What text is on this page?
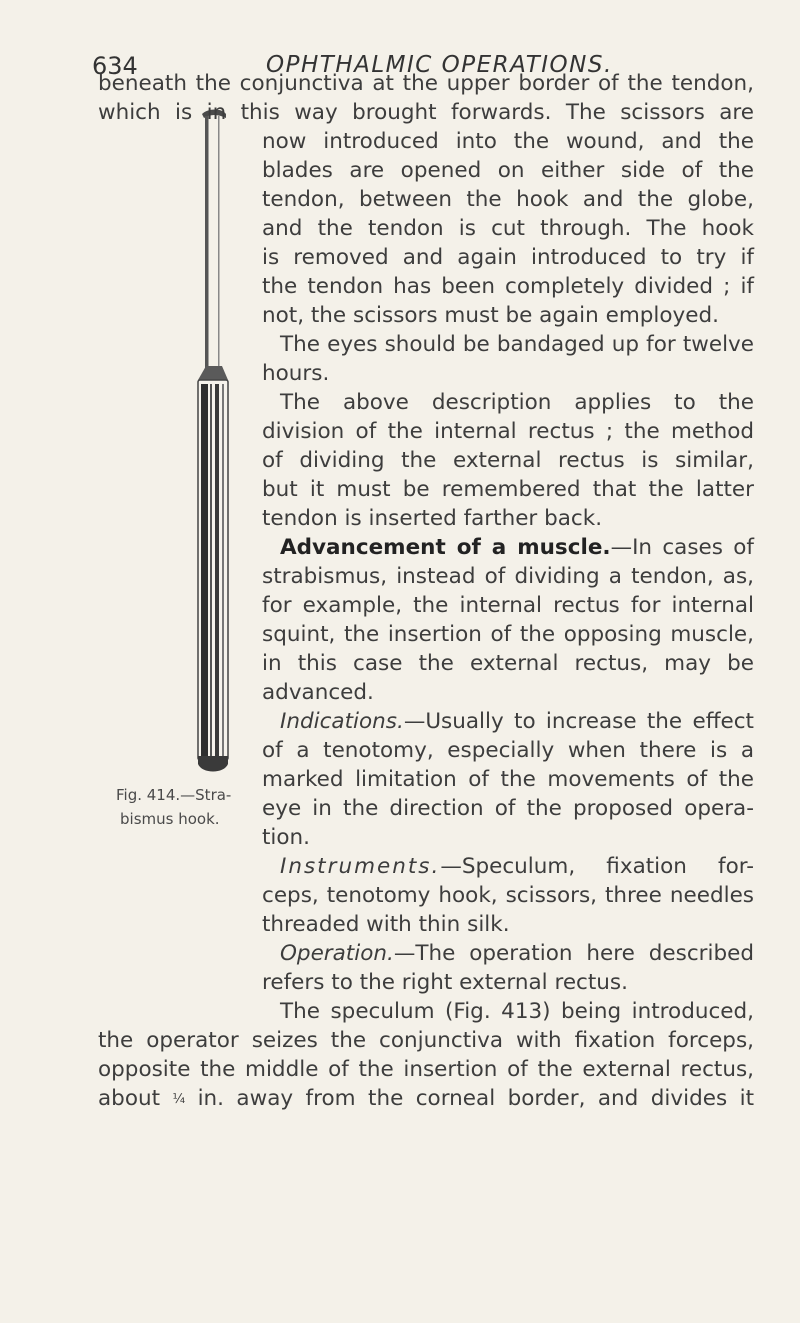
634	OPHTHALMIC OPERATIONS.
Fig. 414.—Stra-
bismus hook.
beneath the conjunctiva at the upper border of the tendon,
which is in this way brought forwards. The scissors are
now introduced into the wound, and the
blades are opened on either side of the
tendon, between the hook and the globe,
and the tendon is cut through. The hook
is removed and again introduced to try if
the tendon has been completely divided ; if
not, the scissors must be again employed.
The eyes should be bandaged up for twelve
hours.
The above description applies to the
division of the internal rectus ; the method
of dividing the external rectus is similar,
but it must be remembered that the latter
tendon is inserted farther back.
Advancement of a muscle.—In cases of
strabismus, instead of dividing a tendon, as,
for example, the internal rectus for internal
squint, the insertion of the opposing muscle,
in this case the external rectus, may be
advanced.
Indications.—Usually to increase the effect
of a tenotomy, especially when there is a
marked limitation of the movements of the
eye in the direction of the proposed opera-
tion.
Instruments.—Speculum, fixation for-
ceps, tenotomy hook, scissors, three needles
threaded with thin silk.
Operation.—The operation here described
refers to the right external rectus.
The speculum (Fig. 413) being introduced,
the operator seizes the conjunctiva with fixation forceps,
opposite the middle of the insertion of the external rectus,
about ¼ in. away from the corneal border, and divides it
